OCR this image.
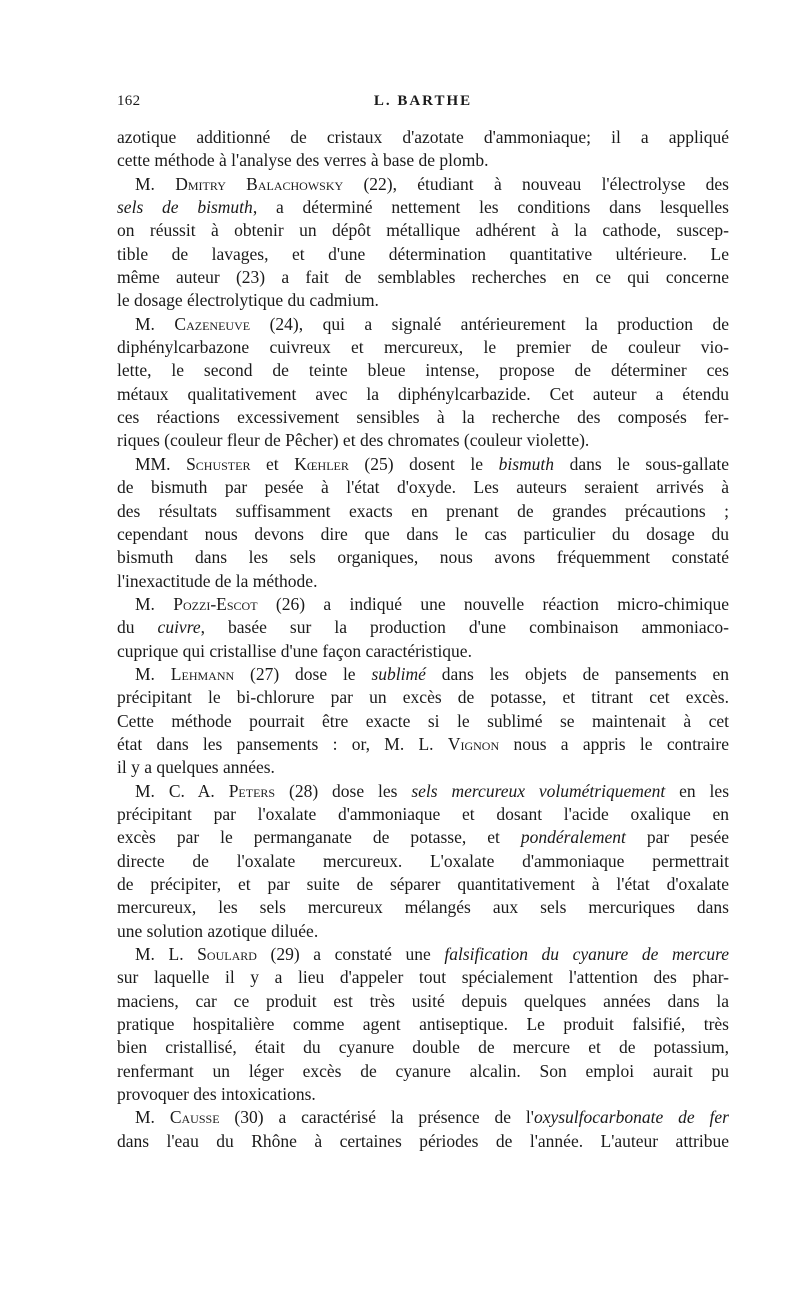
162	L. BARTHE
azotique additionné de cristaux d'azotate d'ammoniaque; il a appliqué
cette méthode à l'analyse des verres à base de plomb.
M. Dmitry Balachowsky (22), étudiant à nouveau l'électrolyse des
sels de bismuth, a déterminé nettement les conditions dans lesquelles
on réussit à obtenir un dépôt métallique adhérent à la cathode, suscep-
tible de lavages, et d'une détermination quantitative ultérieure. Le
même auteur (23) a fait de semblables recherches en ce qui concerne
le dosage électrolytique du cadmium.
M. Cazeneuve (24), qui a signalé antérieurement la production de
diphénylcarbazone cuivreux et mercureux, le premier de couleur vio-
lette, le second de teinte bleue intense, propose de déterminer ces
métaux qualitativement avec la diphénylcarbazide. Cet auteur a étendu
ces réactions excessivement sensibles à la recherche des composés fer-
riques (couleur fleur de Pêcher) et des chromates (couleur violette).
MM. Schuster et Kœhler (25) dosent le bismuth dans le sous-gallate
de bismuth par pesée à l'état d'oxyde. Les auteurs seraient arrivés à
des résultats suffisamment exacts en prenant de grandes précautions ;
cependant nous devons dire que dans le cas particulier du dosage du
bismuth dans les sels organiques, nous avons fréquemment constaté
l'inexactitude de la méthode.
M. Pozzi-Escot (26) a indiqué une nouvelle réaction micro-chimique
du cuivre, basée sur la production d'une combinaison ammoniaco-
cuprique qui cristallise d'une façon caractéristique.
M. Lehmann (27) dose le sublimé dans les objets de pansements en
précipitant le bi-chlorure par un excès de potasse, et titrant cet excès.
Cette méthode pourrait être exacte si le sublimé se maintenait à cet
état dans les pansements : or, M. L. Vignon nous a appris le contraire
il y a quelques années.
M. C. A. Peters (28) dose les sels mercureux volumétriquement en les
précipitant par l'oxalate d'ammoniaque et dosant l'acide oxalique en
excès par le permanganate de potasse, et pondéralement par pesée
directe de l'oxalate mercureux. L'oxalate d'ammoniaque permettrait
de précipiter, et par suite de séparer quantitativement à l'état d'oxalate
mercureux, les sels mercureux mélangés aux sels mercuriques dans
une solution azotique diluée.
M. L. Soulard (29) a constaté une falsification du cyanure de mercure
sur laquelle il y a lieu d'appeler tout spécialement l'attention des phar-
maciens, car ce produit est très usité depuis quelques années dans la
pratique hospitalière comme agent antiseptique. Le produit falsifié, très
bien cristallisé, était du cyanure double de mercure et de potassium,
renfermant un léger excès de cyanure alcalin. Son emploi aurait pu
provoquer des intoxications.
M. Causse (30) a caractérisé la présence de l'oxysulfocarbonate de fer
dans l'eau du Rhône à certaines périodes de l'année. L'auteur attribue
